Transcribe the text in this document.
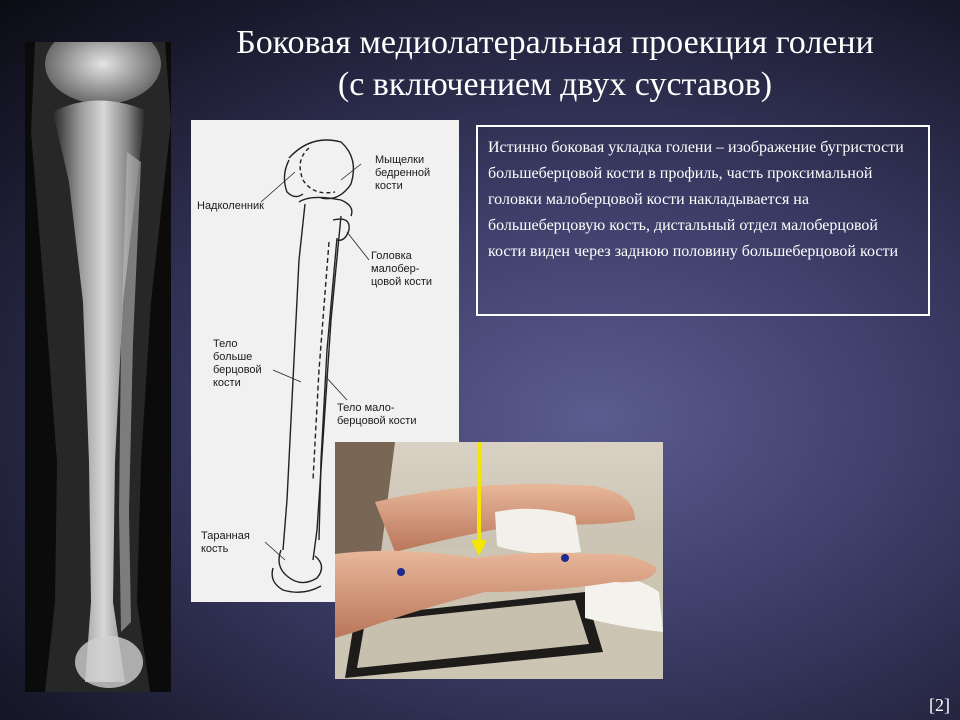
Боковая медиолатеральная проекция голени
(с включением двух суставов)
Мыщелки
бедренной
кости
Надколенник
Головка
малобер-
цовой кости
Тело
больше
берцовой
кости
Тело мало-
берцовой кости
Таранная
кость
Истинно боковая укладка голени – изображение бугристости большеберцовой кости в профиль, часть проксимальной головки малоберцовой кости накладывается на большеберцовую кость, дистальный отдел малоберцовой кости виден через заднюю половину большеберцовой кости
[2]
